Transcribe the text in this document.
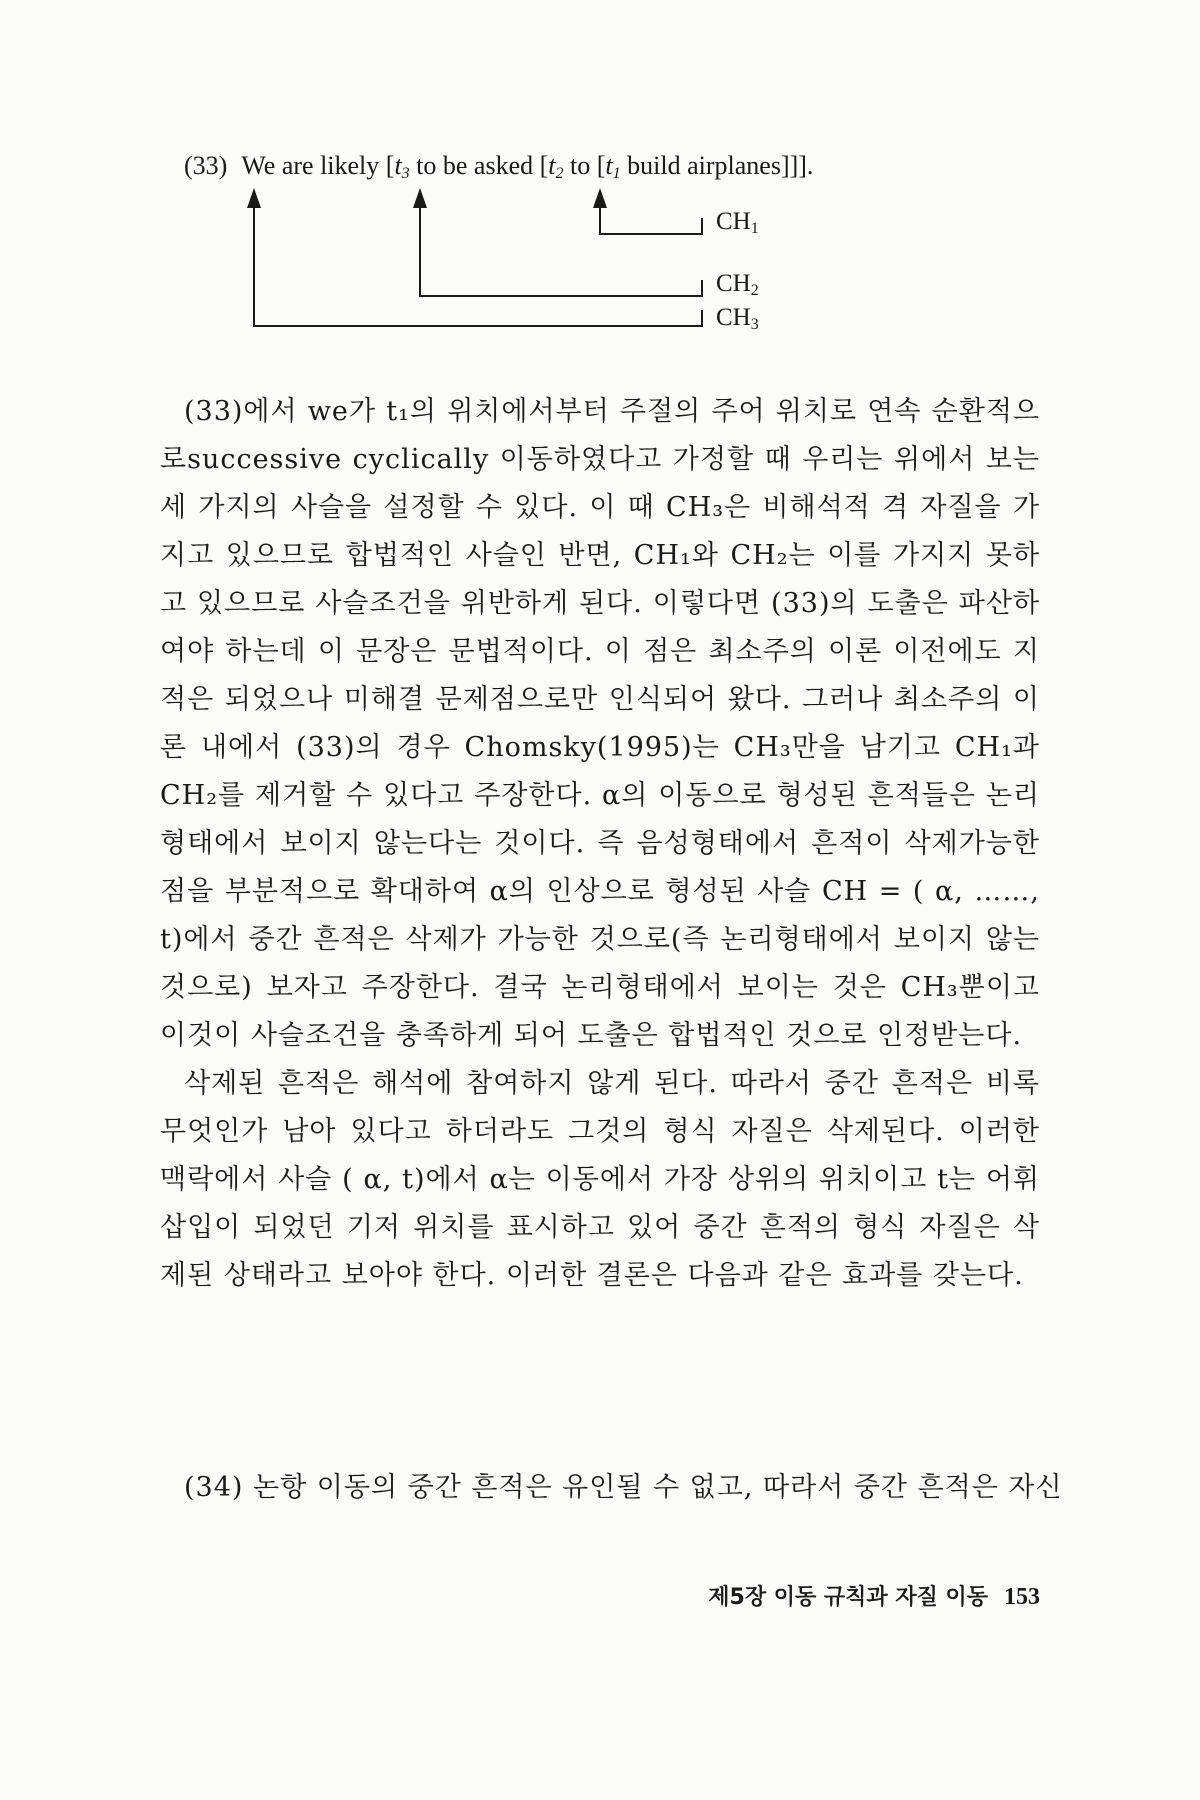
(33) We are likely [$t_3$ to be asked [$t_2$ to [$t_1$ build airplanes]]].
$CH_1$
$CH_2$
$CH_3$

(33)에서 we가 t₁의 위치에서부터 주절의 주어 위치로 연속 순환적으로successive cyclically 이동하였다고 가정할 때 우리는 위에서 보는 세 가지의 사슬을 설정할 수 있다. 이 때 CH₃은 비해석적 격 자질을 가지고 있으므로 합법적인 사슬인 반면, CH₁와 CH₂는 이를 가지지 못하고 있으므로 사슬조건을 위반하게 된다. 이렇다면 (33)의 도출은 파산하여야 하는데 이 문장은 문법적이다. 이 점은 최소주의 이론 이전에도 지적은 되었으나 미해결 문제점으로만 인식되어 왔다. 그러나 최소주의 이론 내에서 (33)의 경우 Chomsky(1995)는 CH₃만을 남기고 CH₁과 CH₂를 제거할 수 있다고 주장한다. α의 이동으로 형성된 흔적들은 논리형태에서 보이지 않는다는 것이다. 즉 음성형태에서 흔적이 삭제가능한 점을 부분적으로 확대하여 α의 인상으로 형성된 사슬 CH = ( α, ……, t)에서 중간 흔적은 삭제가 가능한 것으로(즉 논리형태에서 보이지 않는 것으로) 보자고 주장한다. 결국 논리형태에서 보이는 것은 CH₃뿐이고 이것이 사슬조건을 충족하게 되어 도출은 합법적인 것으로 인정받는다.

삭제된 흔적은 해석에 참여하지 않게 된다. 따라서 중간 흔적은 비록 무엇인가 남아 있다고 하더라도 그것의 형식 자질은 삭제된다. 이러한 맥락에서 사슬 ( α, t)에서 α는 이동에서 가장 상위의 위치이고 t는 어휘 삽입이 되었던 기저 위치를 표시하고 있어 중간 흔적의 형식 자질은 삭제된 상태라고 보아야 한다. 이러한 결론은 다음과 같은 효과를 갖는다.

(34) 논항 이동의 중간 흔적은 유인될 수 없고, 따라서 중간 흔적은 자신
제5장 이동 규칙과 자질 이동 153
